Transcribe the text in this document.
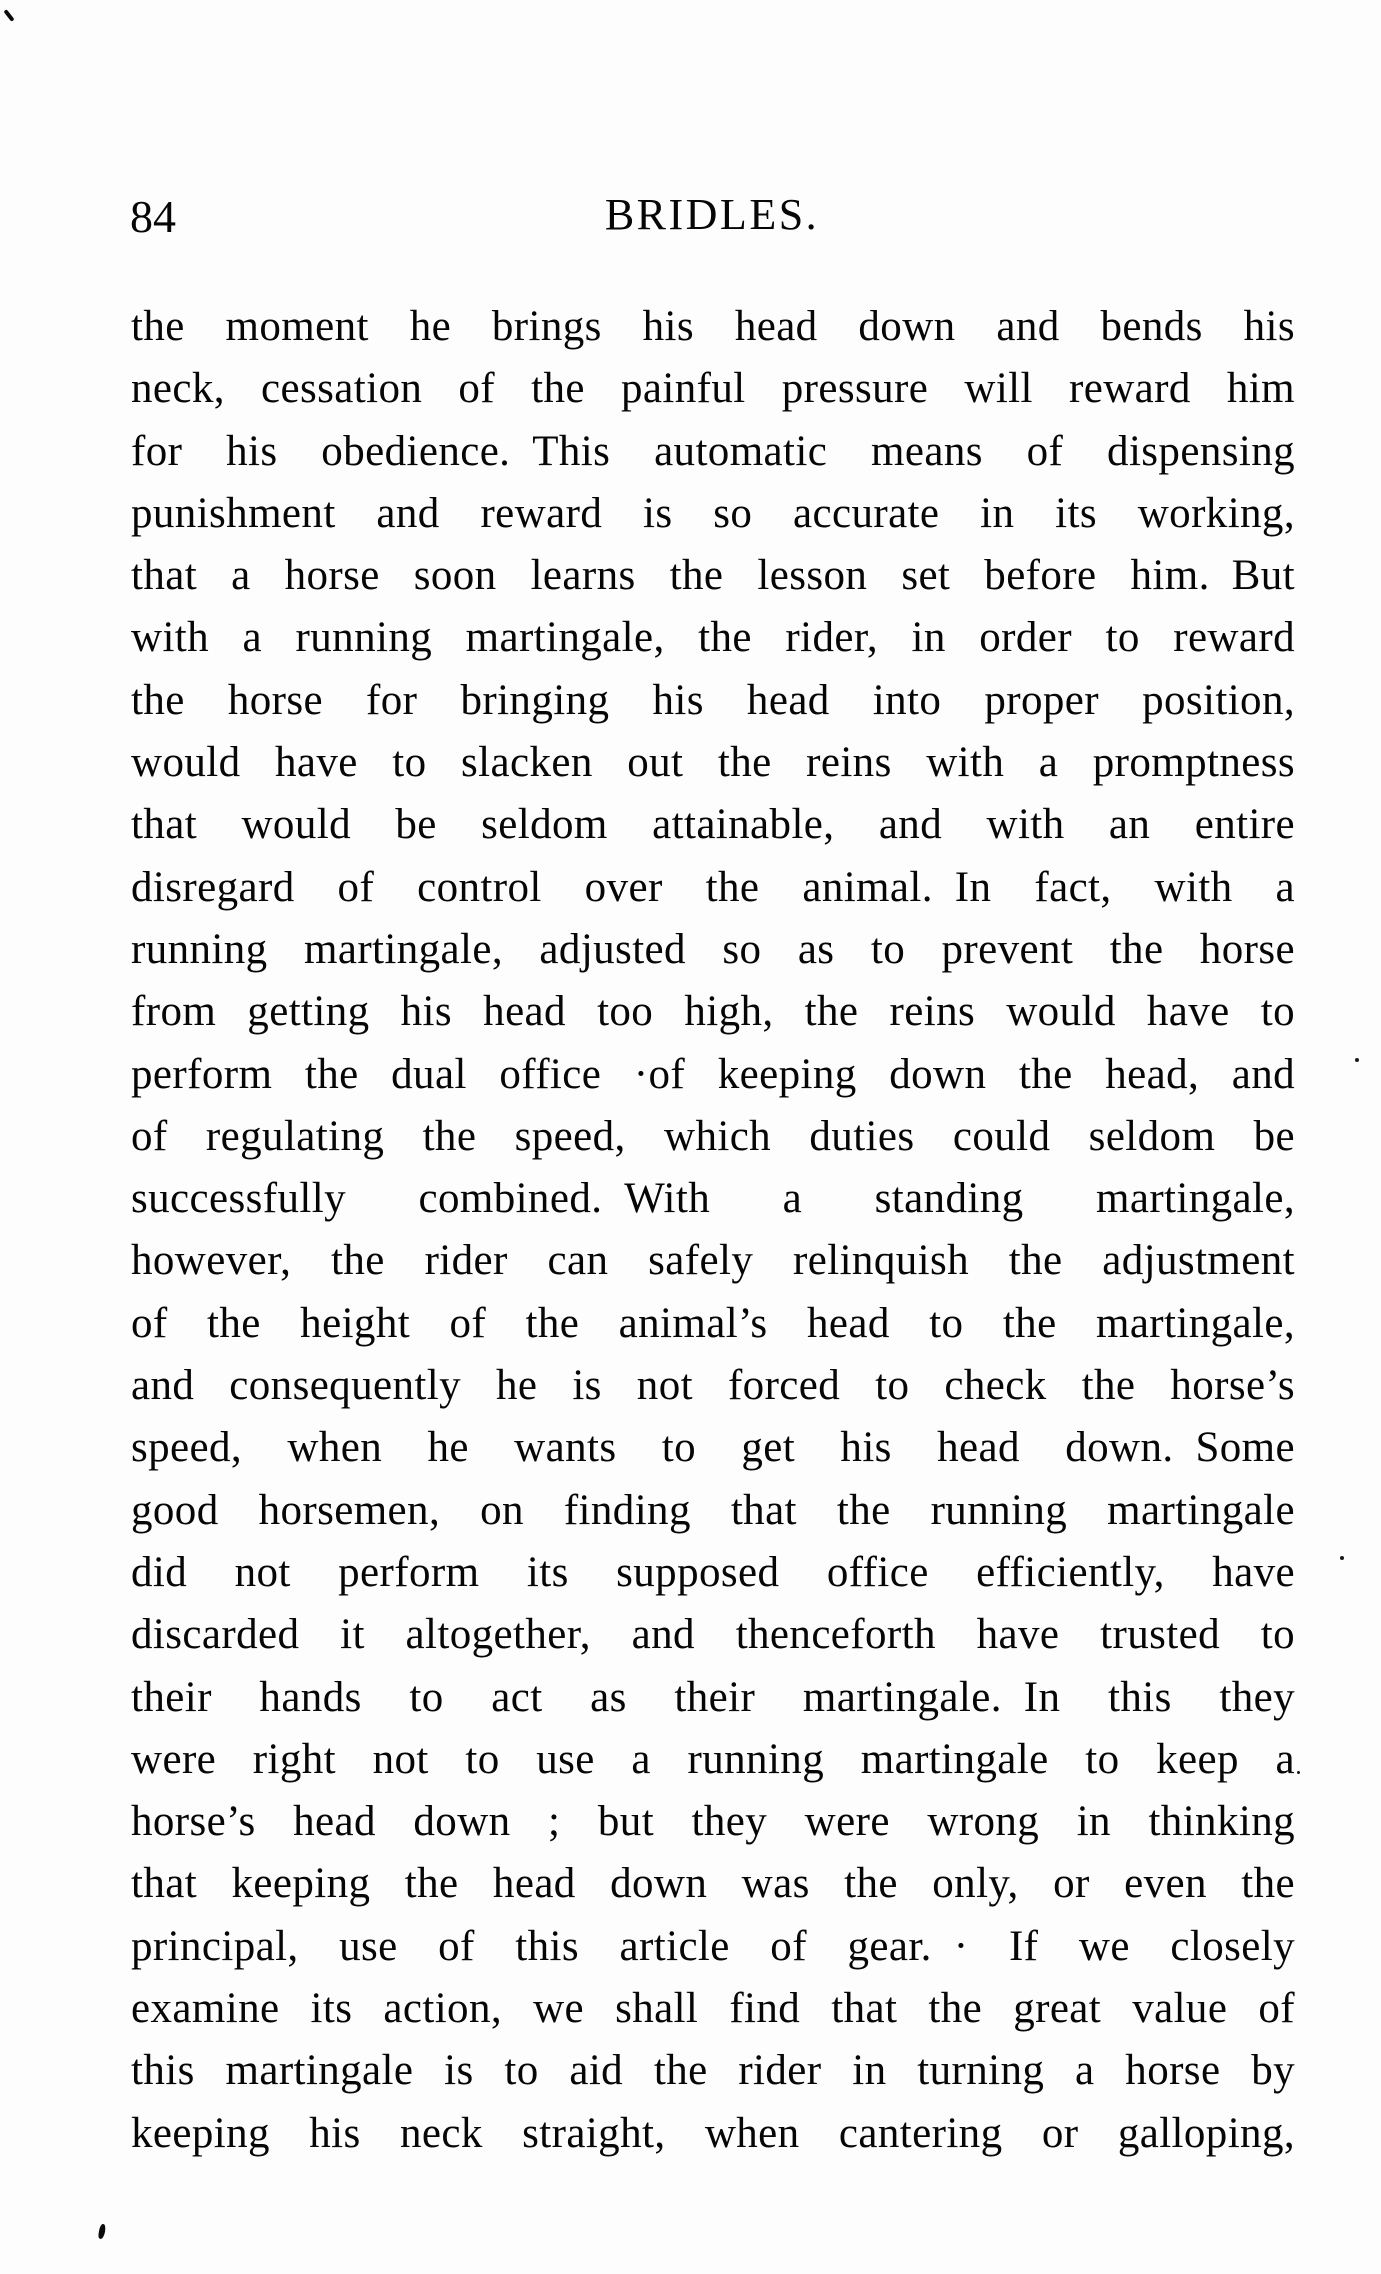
84	BRIDLES.
the moment he brings his head down and bends his
neck, cessation of the painful pressure will reward him
for his obedience. This automatic means of dispensing
punishment and reward is so accurate in its working,
that a horse soon learns the lesson set before him. But
with a running martingale, the rider, in order to reward
the horse for bringing his head into proper position,
would have to slacken out the reins with a promptness
that would be seldom attainable, and with an entire
disregard of control over the animal. In fact, with a
running martingale, adjusted so as to prevent the horse
from getting his head too high, the reins would have to
perform the dual office ·of keeping down the head, and
of regulating the speed, which duties could seldom be
successfully combined. With a standing martingale,
however, the rider can safely relinquish the adjustment
of the height of the animal’s head to the martingale,
and consequently he is not forced to check the horse’s
speed, when he wants to get his head down. Some
good horsemen, on finding that the running martingale
did not perform its supposed office efficiently, have
discarded it altogether, and thenceforth have trusted to
their hands to act as their martingale. In this they
were right not to use a running martingale to keep a
horse’s head down ; but they were wrong in thinking
that keeping the head down was the only, or even the
principal, use of this article of gear. · If we closely
examine its action, we shall find that the great value of
this martingale is to aid the rider in turning a horse by
keeping his neck straight, when cantering or galloping,
